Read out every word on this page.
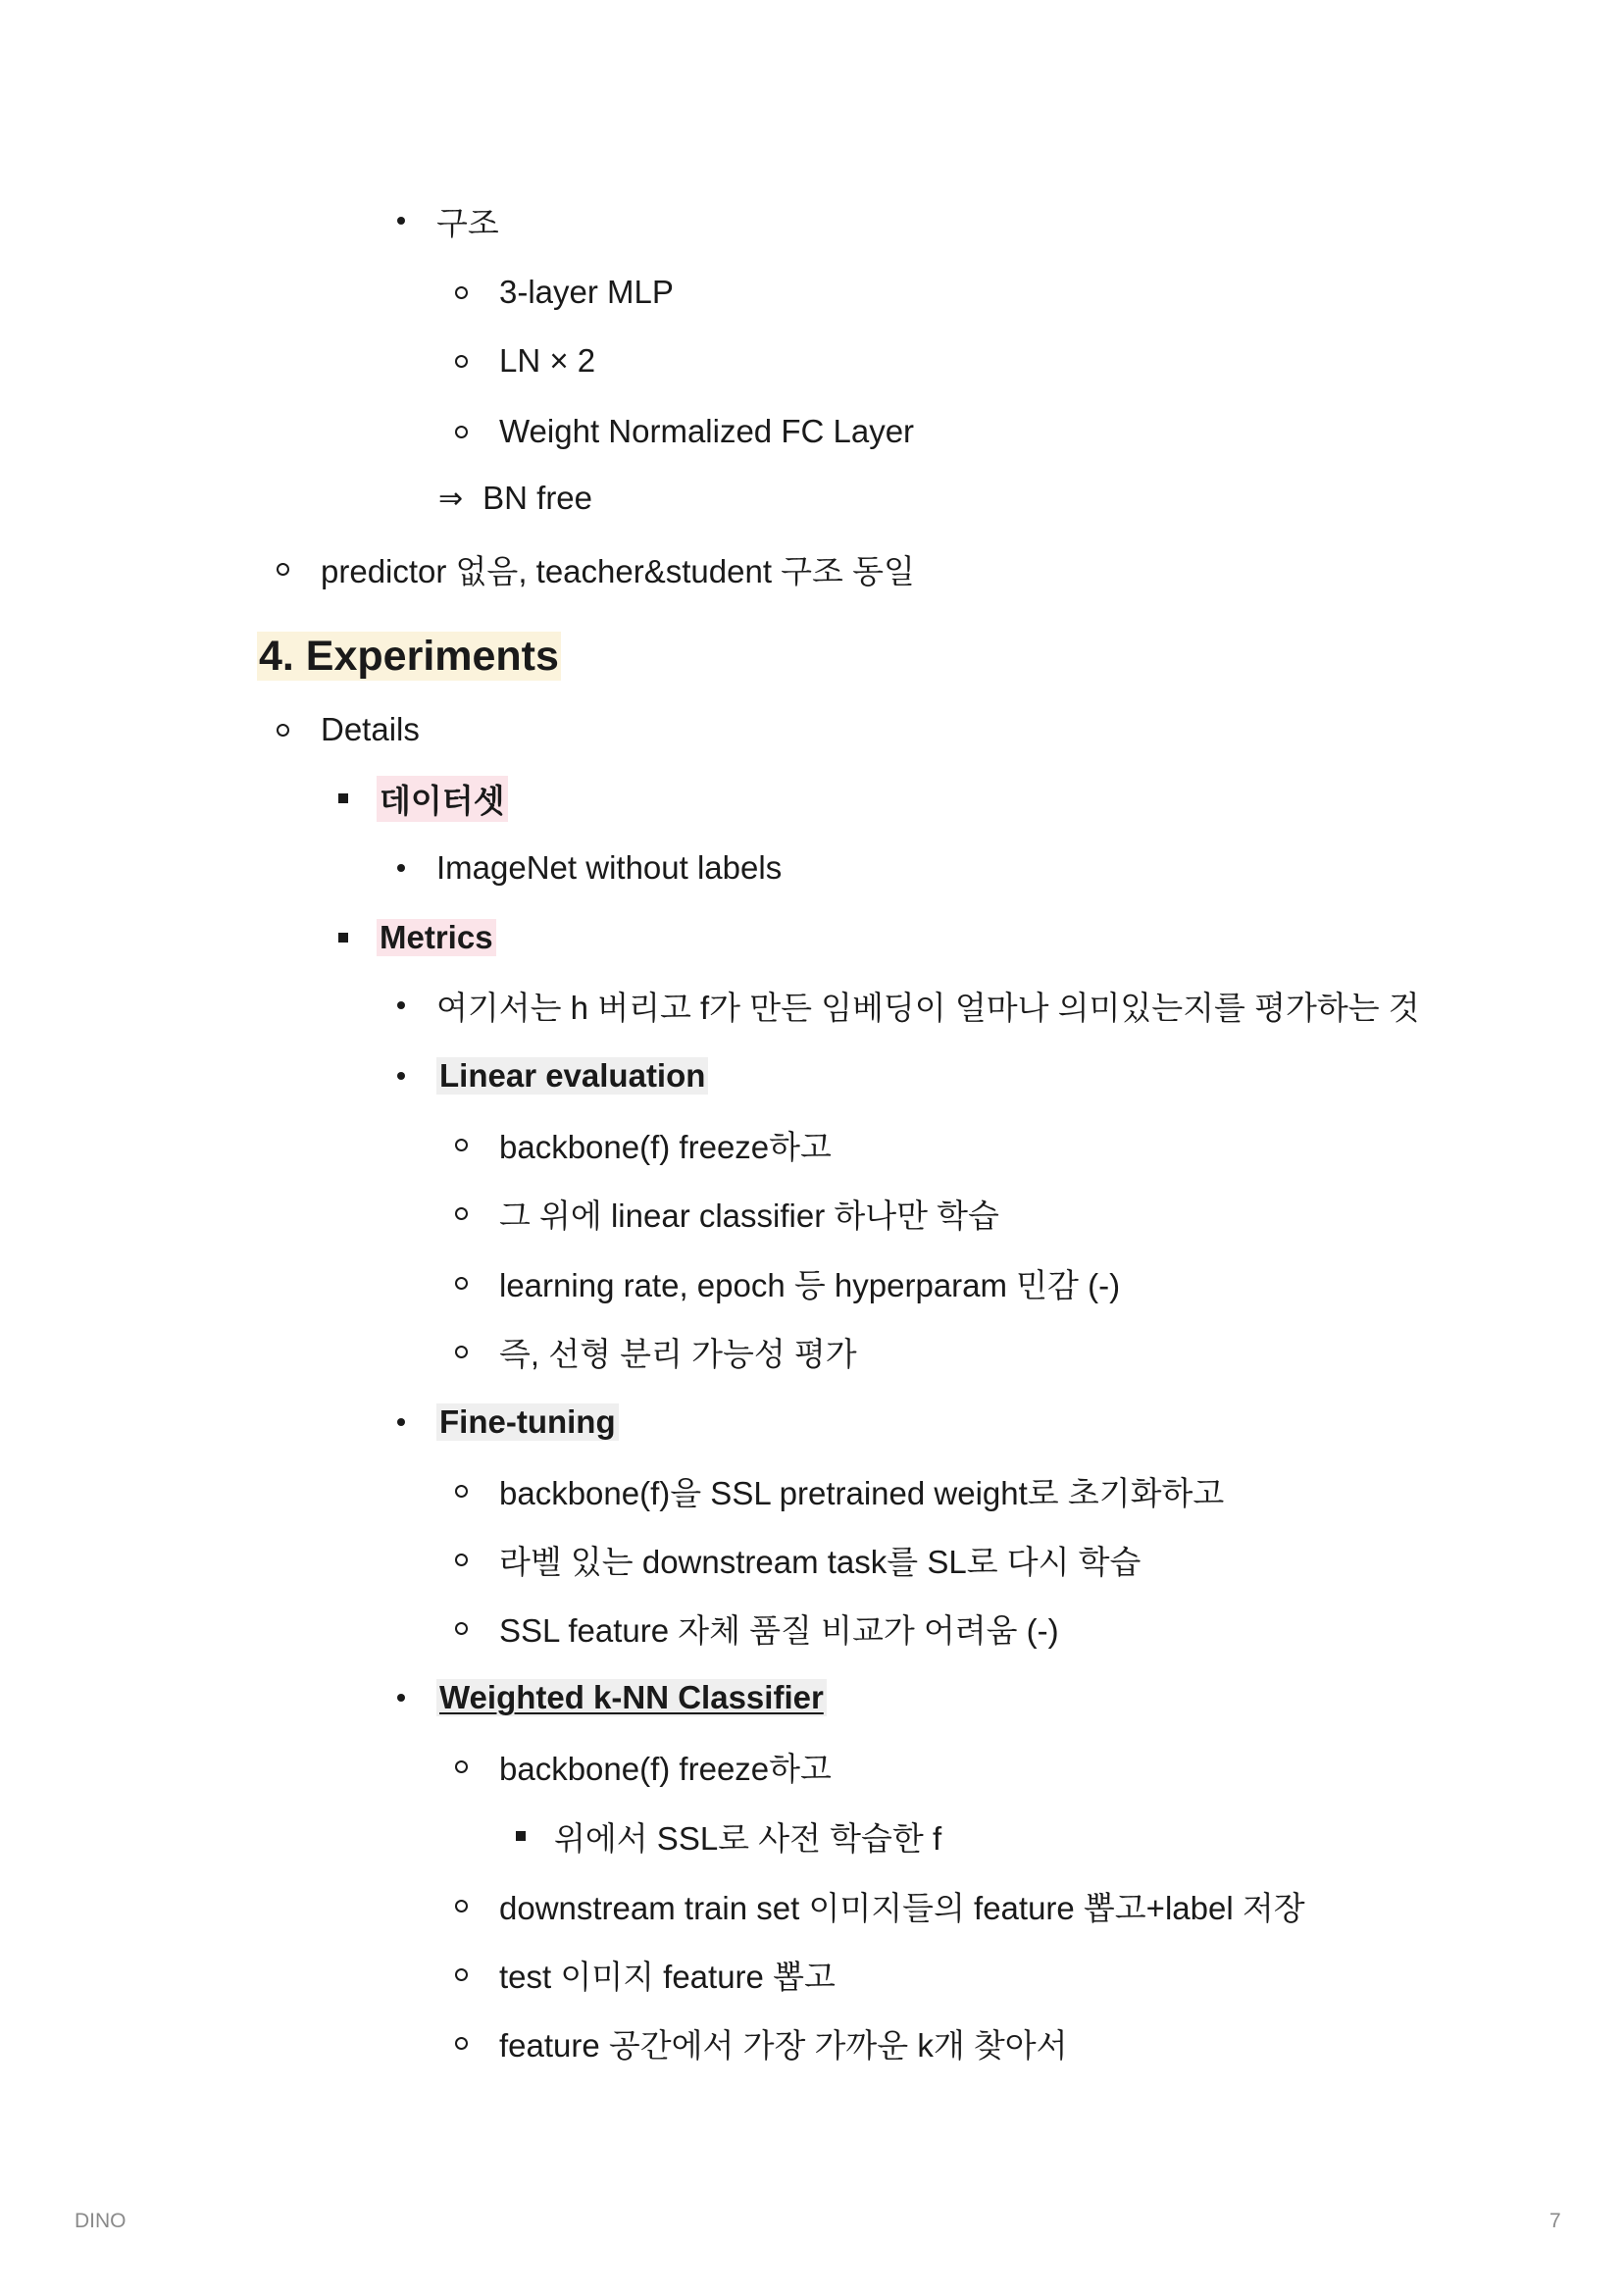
구조
3-layer MLP
LN × 2
Weight Normalized FC Layer
⇒ BN free
predictor 없음, teacher&student 구조 동일
4. Experiments
Details
데이터셋
ImageNet without labels
Metrics
여기서는 h 버리고 f가 만든 임베딩이 얼마나 의미있는지를 평가하는 것
Linear evaluation
backbone(f) freeze하고
그 위에 linear classifier 하나만 학습
learning rate, epoch 등 hyperparam 민감 (-)
즉, 선형 분리 가능성 평가
Fine-tuning
backbone(f)을 SSL pretrained weight로 초기화하고
라벨 있는 downstream task를 SL로 다시 학습
SSL feature 자체 품질 비교가 어려움 (-)
Weighted k-NN Classifier
backbone(f) freeze하고
위에서 SSL로 사전 학습한 f
downstream train set 이미지들의 feature 뽑고+label 저장
test 이미지 feature 뽑고
feature 공간에서 가장 가까운 k개 찾아서
DINO	7
